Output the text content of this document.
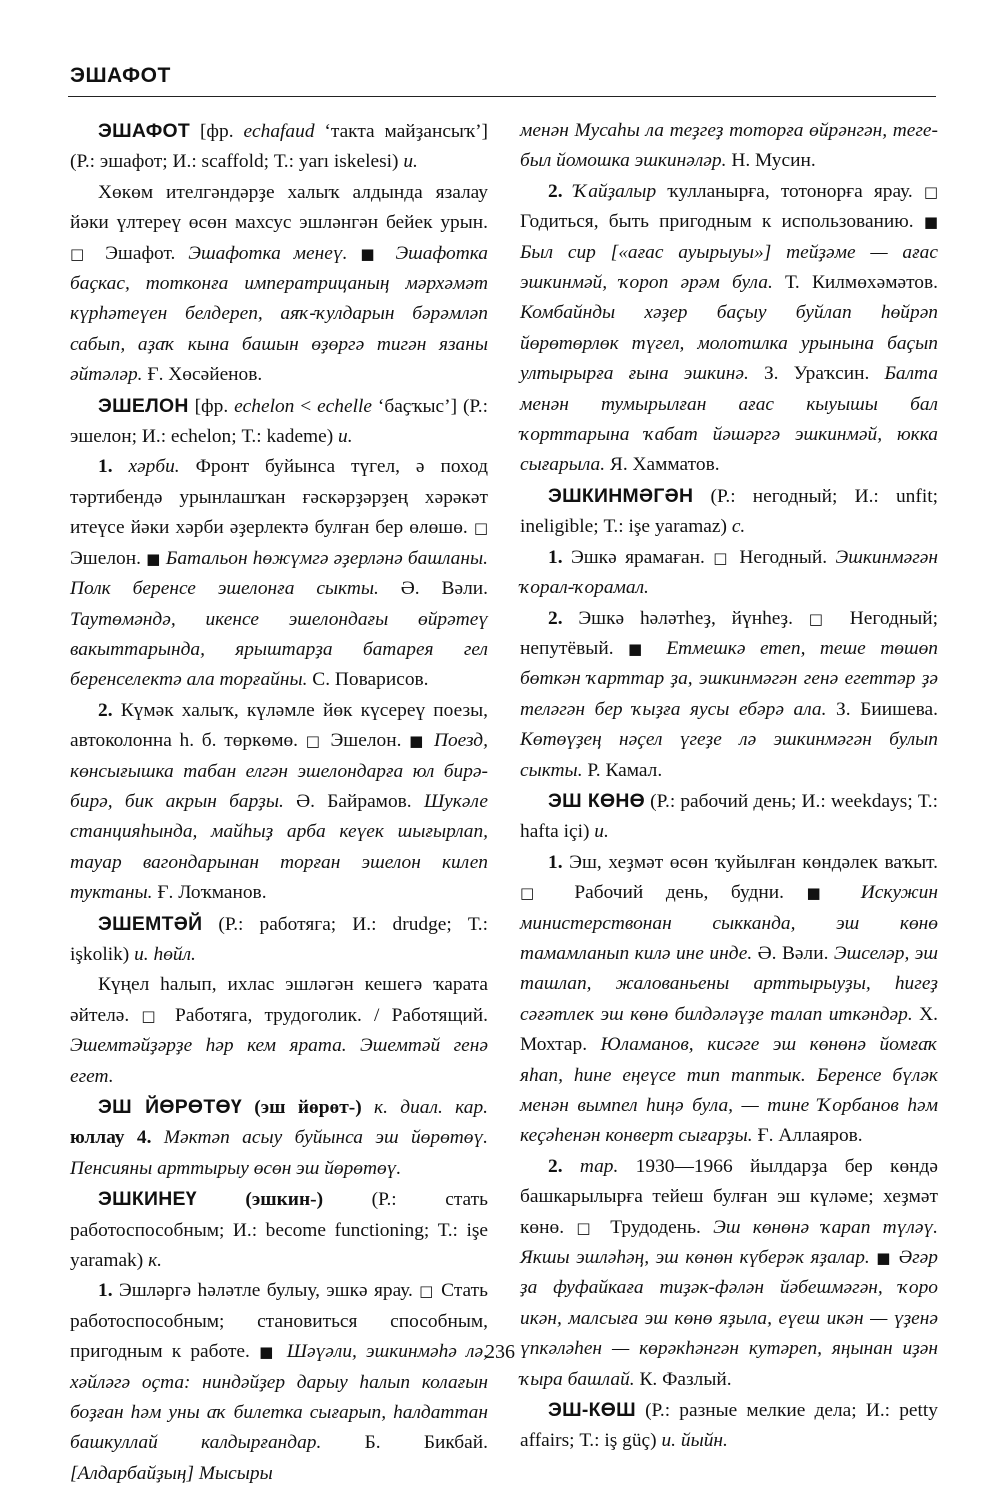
ЭШАФОТ

ЭШАФОТ [фр. echafaud ‘такта майҙансыҡ’] (Р.: эшафот; И.: scaffold; Т.: yarı iskelesi) и.

Хөкөм ителгәндәрҙе халыҡ алдында язалау йәки үлтереү өсөн махсус эшләнгән бейек урын. □ Эшафот. Эшафотка менеү. ■ Эшафотка баҫкас, тотконға императрицаның мәрхәмәт күрһәтеүен белдереп, аяҡ-ҡулдарын бәрәмләп сабып, аҙаҡ кына башын өҙөргә тигән язаны әйтәләр. Ғ. Хөсәйенов.

ЭШЕЛОН [фр. echelon < echelle ‘баҫҡыс’] (Р.: эшелон; И.: echelon; Т.: kademe) и.

1. хәрби. Фронт буйынса түгел, ә поход тәртибендә урынлашҡан ғәскәрҙәрҙең хәрәкәт итеүсе йәки хәрби әҙерлектә булған бер өлөшө. □ Эшелон. ■ Батальон һөжүмгә әҙерләнә башланы. Полк беренсе эшелонға сыкты. Ә. Вәли. Таутөмәндә, икенсе эшелондағы өйрәтеү вакыттарында, ярыштарҙа батарея гел беренселектә ала торғайны. С. Поварисов.

2. Күмәк халыҡ, күләмле йөк күсереү поезы, автоколонна һ. б. төркөмө. □ Эшелон. ■ Поезд, көнсығышка табан елгән эшелондарға юл бирә-бирә, бик акрын барҙы. Ә. Байрамов. Шукәле станцияһында, майһыҙ арба кеүек шығырлап, тауар вагондарынан торған эшелон килеп туктаны. Ғ. Лоҡманов.

ЭШЕМТӘЙ (Р.: работяга; И.: drudge; Т.: işkolik) и. һөйл.

Күңел һалып, ихлас эшләгән кешегә ҡарата әйтелә. □ Работяга, трудоголик. / Работящий. Эшемтәйҙәрҙе һәр кем ярата. Эшемтәй генә егет.

ЭШ ЙӨРӨТӨҮ (эш йөрөт-) к. диал. кар. юллау 4. Мәктәп асыу буйынса эш йөрөтөү. Пенсияны арттырыу өсөн эш йөрөтөү.

ЭШКИНЕҮ (эшкин-) (Р.: стать работоспособным; И.: become functioning; Т.: işe yaramak) к.

1. Эшләргә һәләтле булыу, эшкә ярау. □ Стать работоспособным; становиться способным, пригодным к работе. ■ Шәүәли, эшкинмәһә лә, хәйләгә оҫта: ниндәйҙер дарыу һалып колағын боҙған һәм уны аҡ билетка сығарып, һалдаттан башкуллай калдырғандар. Б. Бикбай. [Алдарбайҙың] Мысыры

менән Мусаһы ла теҙгеҙ тоторға өйрәнгән, теге-был йомошка эшкинәләр. Н. Мусин.

2. Ҡайҙалыр ҡулланырға, тотонорға ярау. □ Годиться, быть пригодным к использованию. ■ Был сир [«ағас ауырыуы»] тейҙәме — ағас эшкинмәй, ҡороп әрәм була. Т. Килмөхәмәтов. Комбайнды хәҙер баҫыу буйлап һөйрәп йөрөтөрлөк түгел, молотилка урынына баҫып ултырырға ғына эшкинә. З. Ураҡсин. Балта менән тумырылған ағас кыуышы бал ҡорттарына ҡабат йәшәргә эшкинмәй, юкка сығарыла. Я. Хамматов.

ЭШКИНМӘГӘН (Р.: негодный; И.: unfit; ineligible; Т.: işe yaramaz) с.

1. Эшкә ярамаған. □ Негодный. Эшкинмәгән ҡорал-ҡорамал.

2. Эшкә һәләтһеҙ, йүнһеҙ. □ Негодный; непутёвый. ■ Етмешкә етеп, теше төшөп бөткән ҡарттар ҙа, эшкинмәгән генә егеттәр ҙә теләгән бер ҡыҙға яусы ебәрә ала. З. Биишева. Көтөүҙең нәҫел үгеҙе лә эшкинмәгән булып сыкты. Р. Камал.

ЭШ КӨНӨ (Р.: рабочий день; И.: weekdays; Т.: hafta içi) и.

1. Эш, хеҙмәт өсөн ҡуйылған көндәлек ваҡыт. □ Рабочий день, будни. ■ Искужин министерствонан сыкканда, эш көнө тамамланып килә ине инде. Ә. Вәли. Эшселәр, эш ташлап, жалованьены арттырыуҙы, һигеҙ сәғәтлек эш көнө билдәләүҙе талап иткәндәр. Х. Мохтар. Юламанов, кисәге эш көнөнә йомғаҡ яһап, һине еңеүсе тип таптык. Беренсе бүләк менән вымпел һиңә була, — тине Ҡорбанов һәм кеҫәһенән конверт сығарҙы. Ғ. Аллаяров.

2. тар. 1930—1966 йылдарҙа бер көндә башкарылырға тейеш булған эш күләме; хеҙмәт көнө. □ Трудодень. Эш көнөнә ҡарап түләү. Якшы эшләһәң, эш көнөн күберәк яҙалар. ■ Әгәр ҙа фуфайкаға тиҙәк-фәлән йәбешмәгән, ҡоро икән, малсыға эш көнө яҙыла, еүеш икән — үҙенә үпкәләһен — көрәкһәнгән кутәреп, яңынан иҙән ҡыра башлай. К. Фазлый.

ЭШ-КӨШ (Р.: разные мелкие дела; И.: petty affairs; Т.: iş güç) и. йыйн.

236
